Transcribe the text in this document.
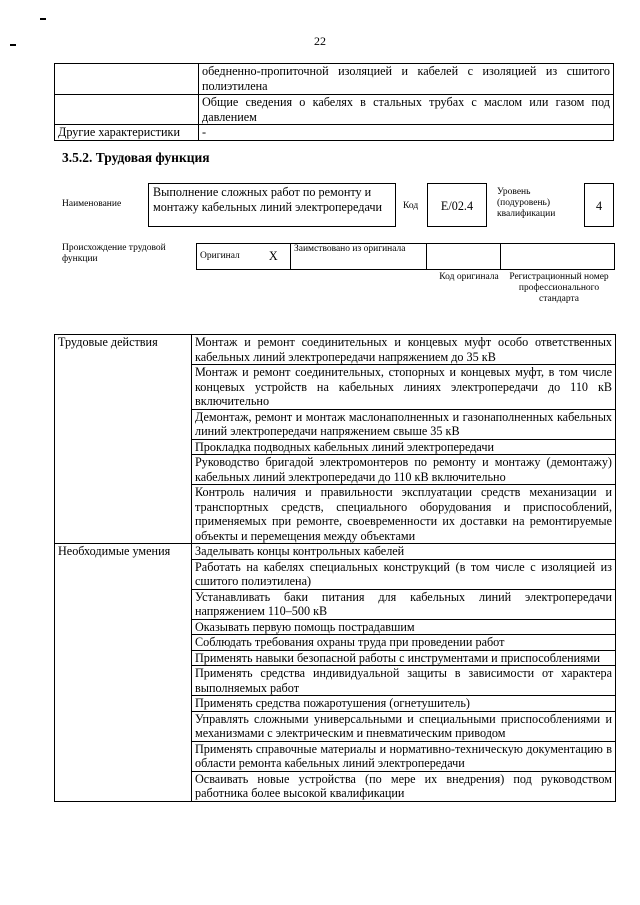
22
	обедненно-пропиточной изоляцией и кабелей с изоляцией из сшитого полиэтилена
	Общие сведения о кабелях в стальных трубах с маслом или газом под давлением
Другие характеристики	-
3.5.2. Трудовая функция
Наименование
Выполнение сложных работ по ремонту и монтажу кабельных линий электропередачи	Код	E/02.4
Уровень (подуровень) квалификации
4
Происхождение трудовой функции	Оригинал	X	Заимствовано из оригинала		
Код оригинала	Регистрационный номер профессионального стандарта
Трудовые действия	Монтаж и ремонт соединительных и концевых муфт особо ответственных кабельных линий электропередачи напряжением до 35 кВ
	Монтаж и ремонт соединительных, стопорных и концевых муфт, в том числе концевых устройств на кабельных линиях электропередачи до 110 кВ включительно
	Демонтаж, ремонт и монтаж маслонаполненных и газонаполненных кабельных линий электропередачи напряжением свыше 35 кВ
	Прокладка подводных кабельных линий электропередачи
	Руководство бригадой электромонтеров по ремонту и монтажу (демонтажу) кабельных линий электропередачи до 110 кВ включительно
	Контроль наличия и правильности эксплуатации средств механизации и транспортных средств, специального оборудования и приспособлений, применяемых при ремонте, своевременности их доставки на ремонтируемые объекты и перемещения между объектами
Необходимые умения	Заделывать концы контрольных кабелей
	Работать на кабелях специальных конструкций (в том числе с изоляцией из сшитого полиэтилена)
	Устанавливать баки питания для кабельных линий электропередачи напряжением 110–500 кВ
	Оказывать первую помощь пострадавшим
	Соблюдать требования охраны труда при проведении работ
	Применять навыки безопасной работы с инструментами и приспособлениями
	Применять средства индивидуальной защиты в зависимости от характера выполняемых работ
	Применять средства пожаротушения (огнетушитель)
	Управлять сложными универсальными и специальными приспособлениями и механизмами с электрическим и пневматическим приводом
	Применять справочные материалы и нормативно-техническую документацию в области ремонта кабельных линий электропередачи
	Осваивать новые устройства (по мере их внедрения) под руководством работника более высокой квалификации
